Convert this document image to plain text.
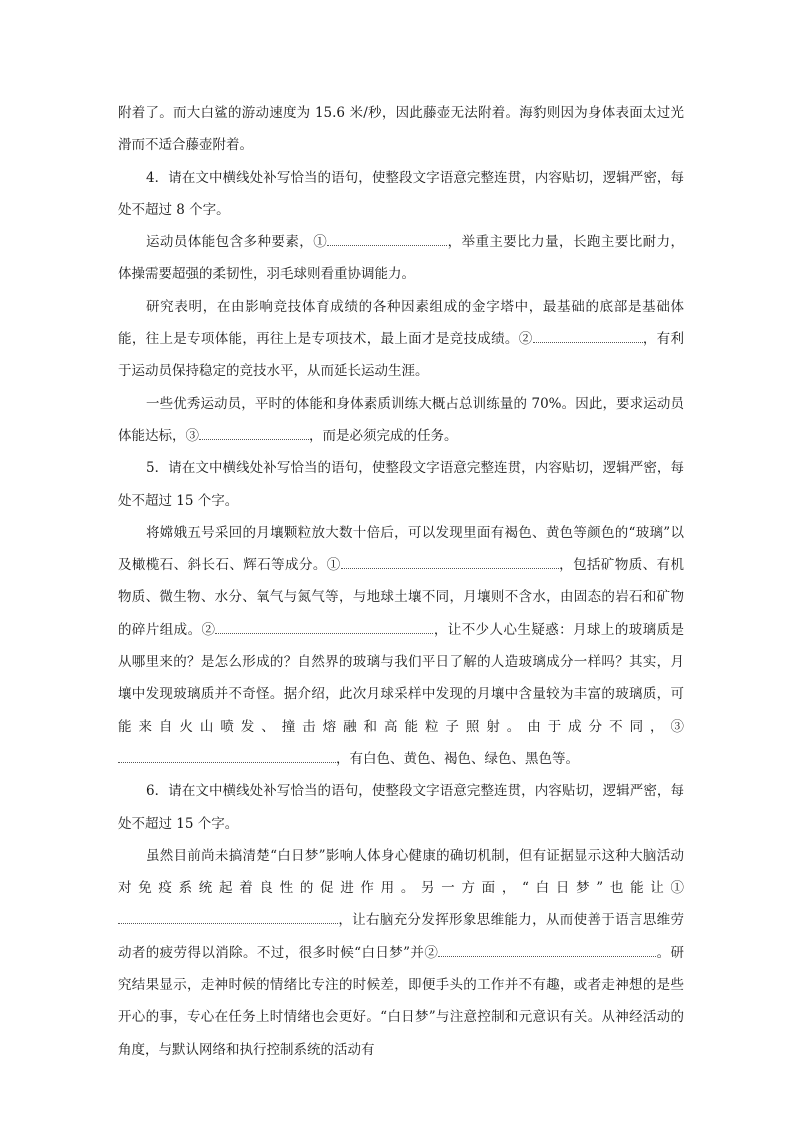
附着了。而大白鲨的游动速度为 15.6 米/秒，因此藤壶无法附着。海豹则因为身体表面太过光滑而不适合藤壶附着。

4．请在文中横线处补写恰当的语句，使整段文字语意完整连贯，内容贴切，逻辑严密，每处不超过 8 个字。

运动员体能包含多种要素，①	，举重主要比力量，长跑主要比耐力，体操需要超强的柔韧性，羽毛球则看重协调能力。

研究表明，在由影响竞技体育成绩的各种因素组成的金字塔中，最基础的底部是基础体能，往上是专项体能，再往上是专项技术，最上面才是竞技成绩。②	，有利于运动员保持稳定的竞技水平，从而延长运动生涯。

一些优秀运动员，平时的体能和身体素质训练大概占总训练量的 70%。因此，要求运动员体能达标，③	，而是必须完成的任务。

5．请在文中横线处补写恰当的语句，使整段文字语意完整连贯，内容贴切，逻辑严密，每处不超过 15 个字。

将嫦娥五号采回的月壤颗粒放大数十倍后，可以发现里面有褐色、黄色等颜色的“玻璃”以及橄榄石、斜长石、辉石等成分。①	，包括矿物质、有机物质、微生物、水分、氧气与氮气等，与地球土壤不同，月壤则不含水，由固态的岩石和矿物的碎片组成。②	，让不少人心生疑惑：月球上的玻璃质是从哪里来的？是怎么形成的？自然界的玻璃与我们平日了解的人造玻璃成分一样吗？其实，月壤中发现玻璃质并不奇怪。据介绍，此次月球采样中发现的月壤中含量较为丰富的玻璃质，可能来自火山喷发、撞击熔融和高能粒子照射。由于成分不同，③，有白色、黄色、褐色、绿色、黑色等。

6．请在文中横线处补写恰当的语句，使整段文字语意完整连贯，内容贴切，逻辑严密，每处不超过 15 个字。

虽然目前尚未搞清楚“白日梦”影响人体身心健康的确切机制，但有证据显示这种大脑活动对免疫系统起着良性的促进作用。另一方面，“白日梦”也能让①，让右脑充分发挥形象思维能力，从而使善于语言思维劳动者的疲劳得以消除。不过，很多时候“白日梦”并②	。研究结果显示，走神时候的情绪比专注的时候差，即便手头的工作并不有趣，或者走神想的是些开心的事，专心在任务上时情绪也会更好。“白日梦”与注意控制和元意识有关。从神经活动的角度，与默认网络和执行控制系统的活动有
